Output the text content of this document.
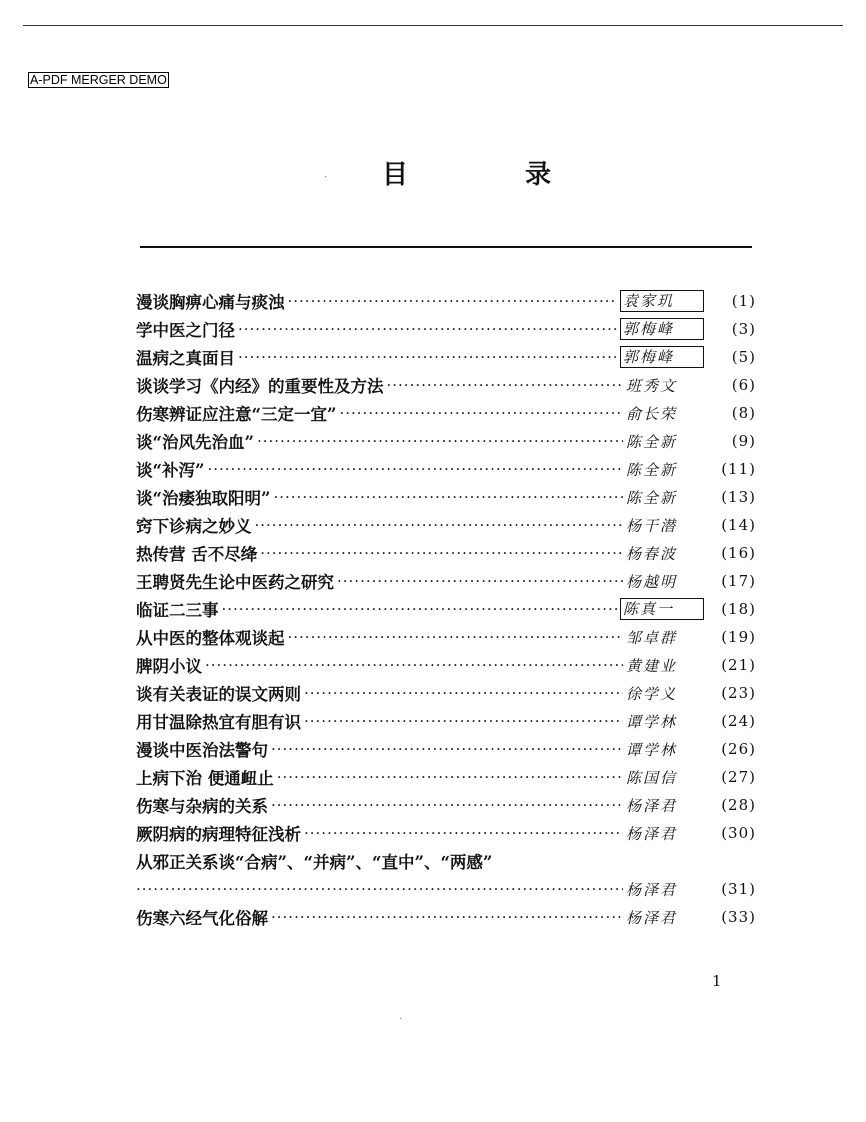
A-PDF MERGER DEMO
目 录
漫谈胸痹心痛与痰浊 ·····	袁家玑	(1)
学中医之门径 ·····	郭梅峰	(3)
温病之真面目 ·····	郭梅峰	(5)
谈谈学习《内经》的重要性及方法 ·····	班秀文	(6)
伤寒辨证应注意“三定一宜” ·····	俞长荣	(8)
谈“治风先治血” ·····	陈全新	(9)
谈“补泻” ·····	陈全新	(11)
谈“治痿独取阳明” ·····	陈全新	(13)
窍下诊病之妙义 ·····	杨干潜	(14)
热传营 舌不尽绛 ·····	杨春波	(16)
王聘贤先生论中医药之研究 ·····	杨越明	(17)
临证二三事 ·····	陈真一	(18)
从中医的整体观谈起 ·····	邹卓群	(19)
脾阴小议 ·····	黄建业	(21)
谈有关表证的误文两则 ·····	徐学义	(23)
用甘温除热宜有胆有识 ·····	谭学林	(24)
漫谈中医治法警句 ·····	谭学林	(26)
上病下治 便通衄止 ·····	陈国信	(27)
伤寒与杂病的关系 ·····	杨泽君	(28)
厥阴病的病理特征浅析 ·····	杨泽君	(30)
从邪正关系谈“合病”、“并病”、“直中”、“两感”
·····
杨泽君	(31)
伤寒六经气化俗解 ·····	杨泽君	(33)
1
